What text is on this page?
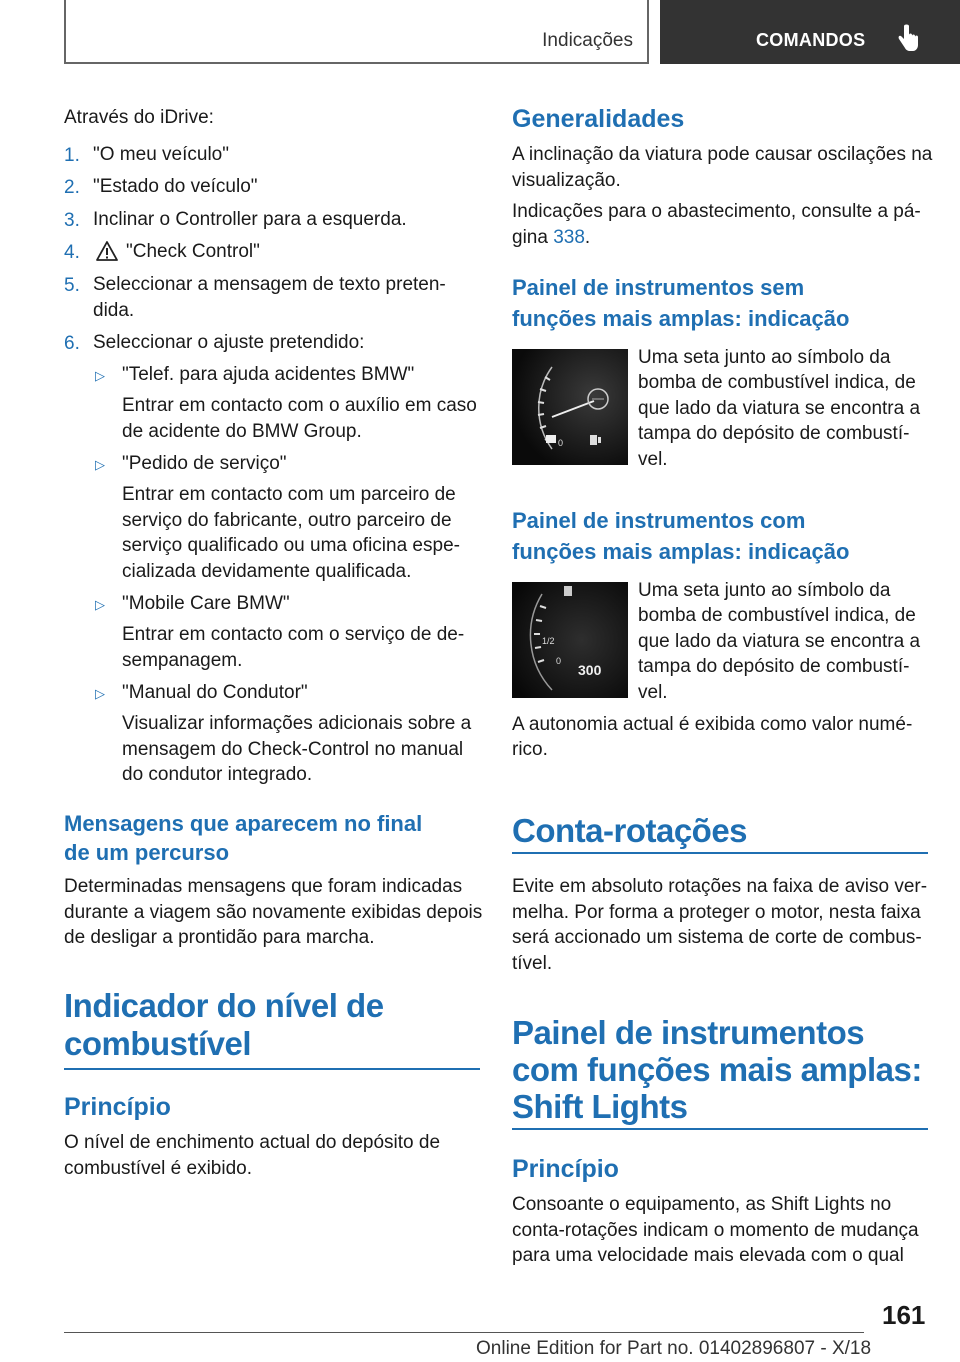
Indicações	COMANDOS
Através do iDrive:
1. "O meu veículo"
2. "Estado do veículo"
3. Inclinar o Controller para a esquerda.
4. "Check Control"
5. Seleccionar a mensagem de texto preten-
dida.
6. Seleccionar o ajuste pretendido:
▷ "Telef. para ajuda acidentes BMW"
Entrar em contacto com o auxílio em caso
de acidente do BMW Group.
▷ "Pedido de serviço"
Entrar em contacto com um parceiro de
serviço do fabricante, outro parceiro de
serviço qualificado ou uma oficina espe-
cializada devidamente qualificada.
▷ "Mobile Care BMW"
Entrar em contacto com o serviço de de-
sempanagem.
▷ "Manual do Condutor"
Visualizar informações adicionais sobre a
mensagem do Check-Control no manual
do condutor integrado.
Mensagens que aparecem no final
de um percurso
Determinadas mensagens que foram indicadas
durante a viagem são novamente exibidas depois
de desligar a prontidão para marcha.
Indicador do nível de
combustível
Princípio
O nível de enchimento actual do depósito de
combustível é exibido.
Generalidades
A inclinação da viatura pode causar oscilações na
visualização.
Indicações para o abastecimento, consulte a pá-
gina 338.
Painel de instrumentos sem
funções mais amplas: indicação
0
Uma seta junto ao símbolo da
bomba de combustível indica, de
que lado da viatura se encontra a
tampa do depósito de combustí-
vel.
Painel de instrumentos com
funções mais amplas: indicação
1/2
0
300
Uma seta junto ao símbolo da
bomba de combustível indica, de
que lado da viatura se encontra a
tampa do depósito de combustí-
vel.
A autonomia actual é exibida como valor numé-
rico.
Conta-rotações
Evite em absoluto rotações na faixa de aviso ver-
melha. Por forma a proteger o motor, nesta faixa
será accionado um sistema de corte de combus-
tível.
Painel de instrumentos
com funções mais amplas:
Shift Lights
Princípio
Consoante o equipamento, as Shift Lights no
conta-rotações indicam o momento de mudança
para uma velocidade mais elevada com o qual
161
Online Edition for Part no. 01402896807 - X/18
